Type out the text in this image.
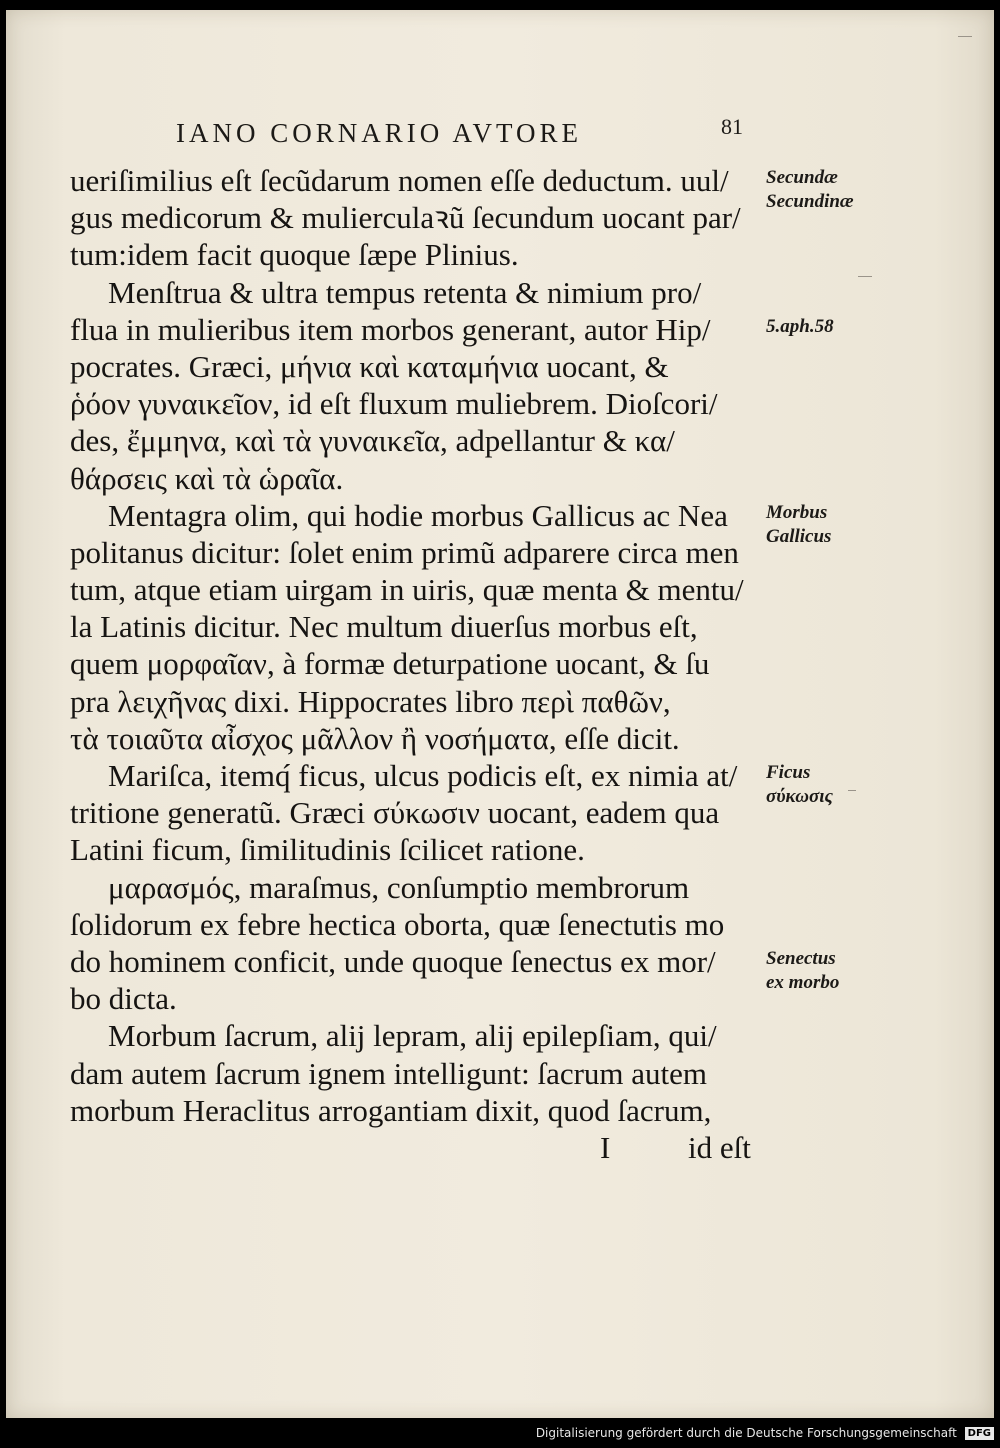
IANO CORNARIO AVTORE	81
ueriſimilius eſt ſecũdarum nomen eſſe deductum. uul/
gus medicorum & mulierculaꝛũ ſecundum uocant par/
tum:idem facit quoque ſæpe Plinius.
Menſtrua & ultra tempus retenta & nimium pro/
flua in mulieribus item morbos generant, autor Hip/
pocrates. Græci, μήνια καὶ καταμήνια uocant, &
ῥόον γυναικεῖον, id eſt fluxum muliebrem. Dioſcori/
des, ἔμμηνα, καὶ τὰ γυναικεῖα, adpellantur & κα/
θάρσεις καὶ τὰ ὡραῖα.
Mentagra olim, qui hodie morbus Gallicus ac Nea
politanus dicitur: ſolet enim primũ adparere circa men
tum, atque etiam uirgam in uiris, quæ menta & mentu/
la Latinis dicitur. Nec multum diuerſus morbus eſt,
quem μορφαῖαν, à formæ deturpatione uocant, & ſu
pra λειχῆνας dixi. Hippocrates libro περὶ παθῶν,
τὰ τοιαῦτα αἶσχος μᾶλλον ἢ νοσήματα, eſſe dicit.
Mariſca, itemq́ ficus, ulcus podicis eſt, ex nimia at/
tritione generatũ. Græci σύκωσιν uocant, eadem qua
Latini ficum, ſimilitudinis ſcilicet ratione.
μαρασμός, maraſmus, conſumptio membrorum
ſolidorum ex febre hectica oborta, quæ ſenectutis mo
do hominem conficit, unde quoque ſenectus ex mor/
bo dicta.
Morbum ſacrum, alij lepram, alij epilepſiam, qui/
dam autem ſacrum ignem intelligunt: ſacrum autem
morbum Heraclitus arrogantiam dixit, quod ſacrum,
I	id eſt
Secundæ
Secundinæ
5.aph.58
Morbus
Gallicus
Ficus
σύκωσις
Senectus
ex morbo
Digitalisierung gefördert durch die Deutsche Forschungsgemeinschaft DFG
